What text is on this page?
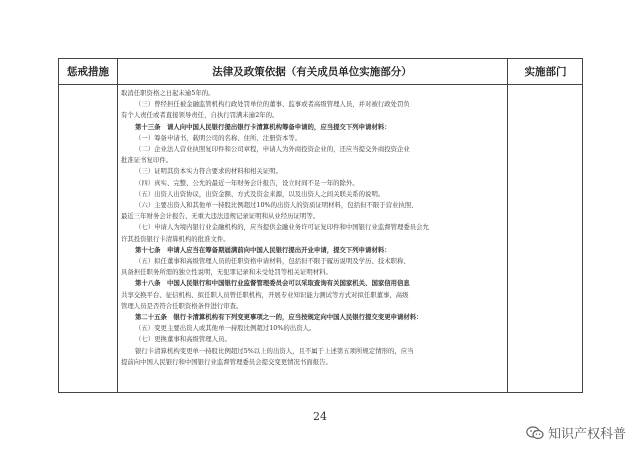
惩戒措施	法律及政策依据（有关成员单位实施部分）	实施部门

取消任职资格之日起未逾5年的。

（三）曾经担任被金融监管机构行政处罚单位的董事、监事或者高级管理人员，并对被行政处罚负

有个人责任或者直接领导责任，自执行罚满未逾2年的。

第十三条　请人向中国人民银行提出银行卡清算机构筹备申请的，应当提交下列申请材料：

（一）筹备申请书，载明公司的名称、住所、注册资本等。

（二）企业法人营业执照复印件和公司章程，申请人为外商投资企业的，还应当提交外商投资企业

批准证书复印件。

（三）证明其资本实力符合要求的材料和相关证明。

（四）真实、完整、公允的最近一年财务会计报告，设立时间不足一年的除外。

（五）出资人出资协议，出资金额、方式及资金来源，以及出资人之间关联关系的说明。

（六）主要出资人和其他单一持股比例超过10%的出资人的资质证明材料，包括但不限于营业执照、

最近三年财务会计报告、无重大违法违规记录证明和从业经历证明等。

（七）申请人为境内银行业金融机构的，应当提供金融业务许可证复印件和中国银行业监督管理委员会允

许其投资银行卡清算机构的批准文件。

第十七条　申请人应当在筹备期届满前向中国人民银行提出开业申请，提交下列申请材料：

（五）拟任董事和高级管理人员的任职资格申请材料，包括但不限于履历说明及学历、技术职称、

具备担任职务所需的独立性说明，无犯罪记录和未受处罚等相关证明材料。

第十八条　中国人民银行和中国银行业监督管理委员会可以采取查询有关国家机关、国家信用信息

共享交换平台、征信机构、拟任职人员曾任职机构，开展专业知识能力测试等方式对拟任职董事、高级

管理人员是否符合任职资格条件进行审查。

第二十五条　银行卡清算机构有下列变更事项之一的，应当按规定向中国人民银行提交变更申请材料：

（五）变更主要出资人或其他单一持股比例超过10%的出资人。

（七）更换董事和高级管理人员。

银行卡清算机构变更单一持股比例超过5%以上的出资人，且不属于上述第五项所规定情形的，应当

提前向中国人民银行和中国银行业监督管理委员会提交变更情况书面报告。

24
知识产权科普
